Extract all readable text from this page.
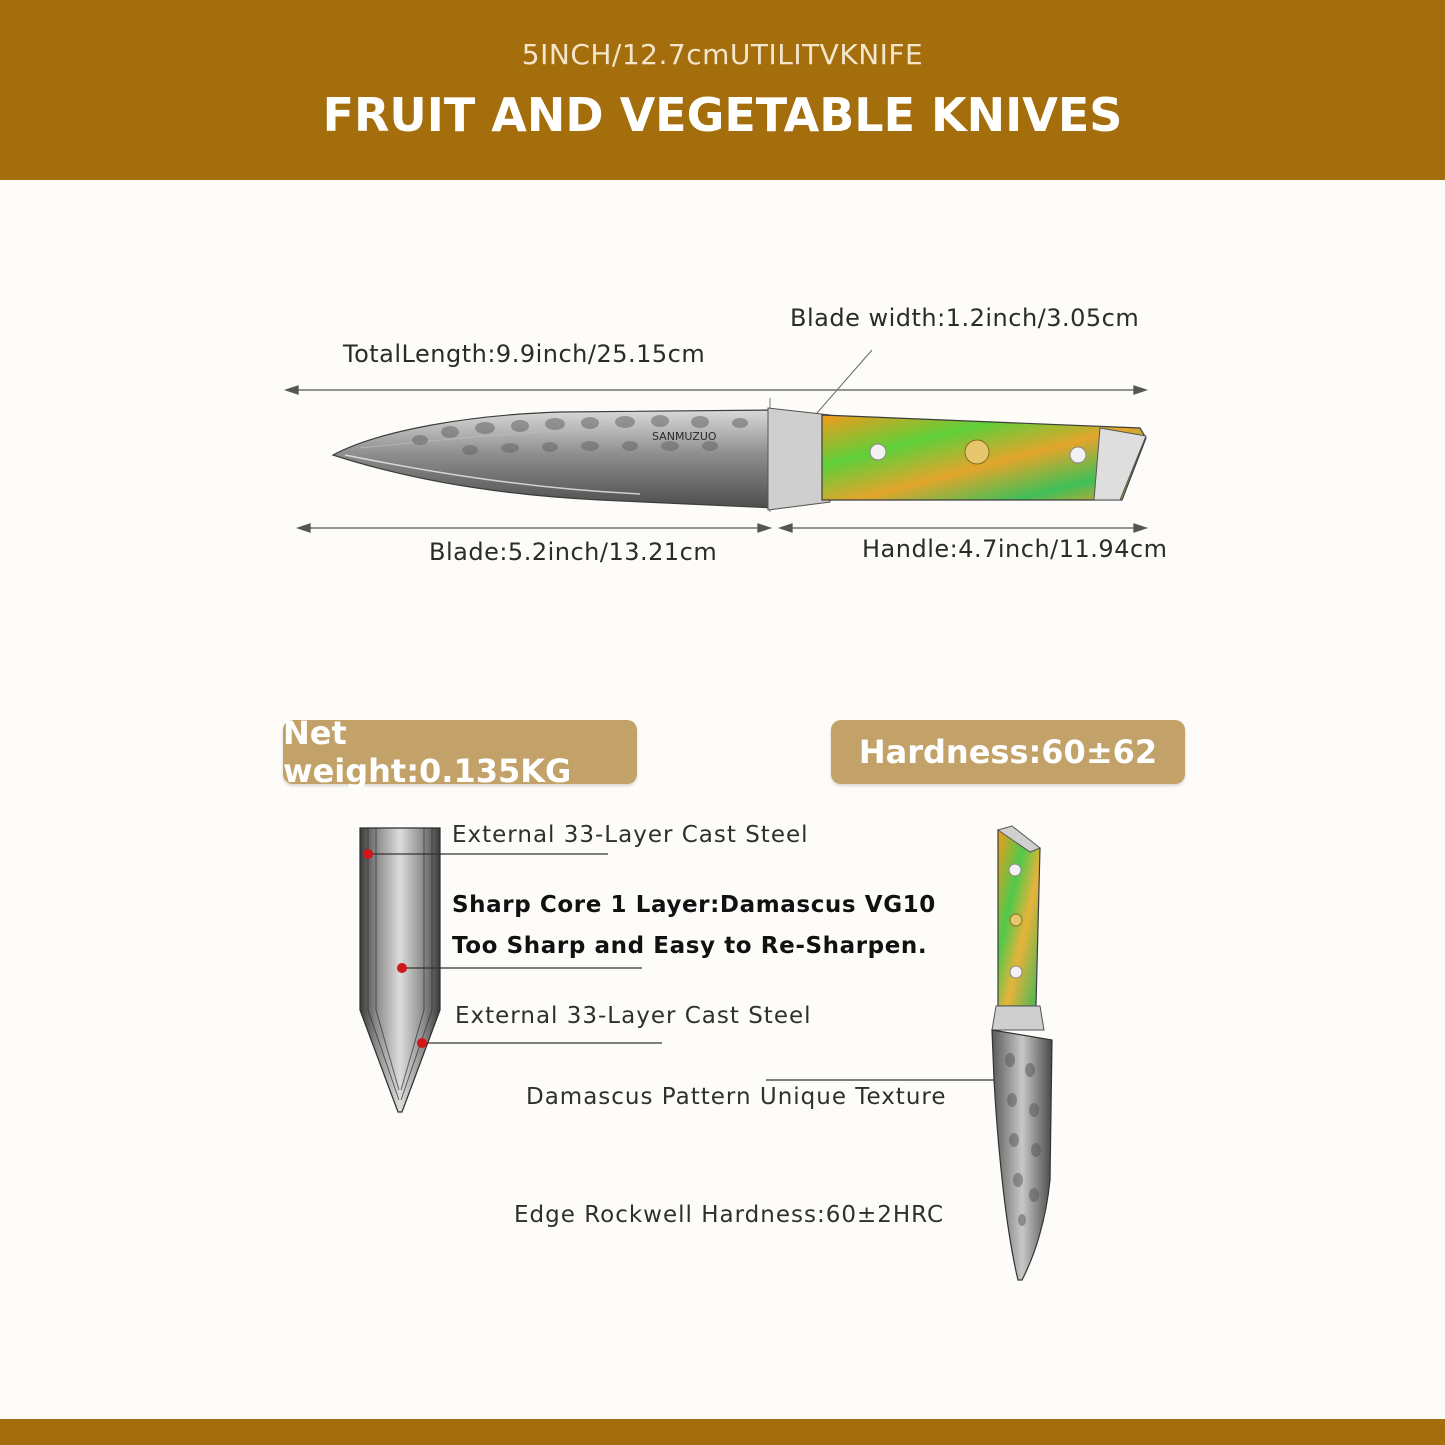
5INCH/12.7cmUTILITVKNIFE
FRUIT AND VEGETABLE KNIVES
SANMUZUO
Blade width:1.2inch/3.05cm
TotalLength:9.9inch/25.15cm
Blade:5.2inch/13.21cm	Handle:4.7inch/11.94cm
Net weight:0.135KG	Hardness:60±62
External 33-Layer Cast Steel
Sharp Core 1 Layer:Damascus VG10
Too Sharp and Easy to Re-Sharpen.
External 33-Layer Cast Steel
Damascus Pattern Unique Texture
Edge Rockwell Hardness:60±2HRC
